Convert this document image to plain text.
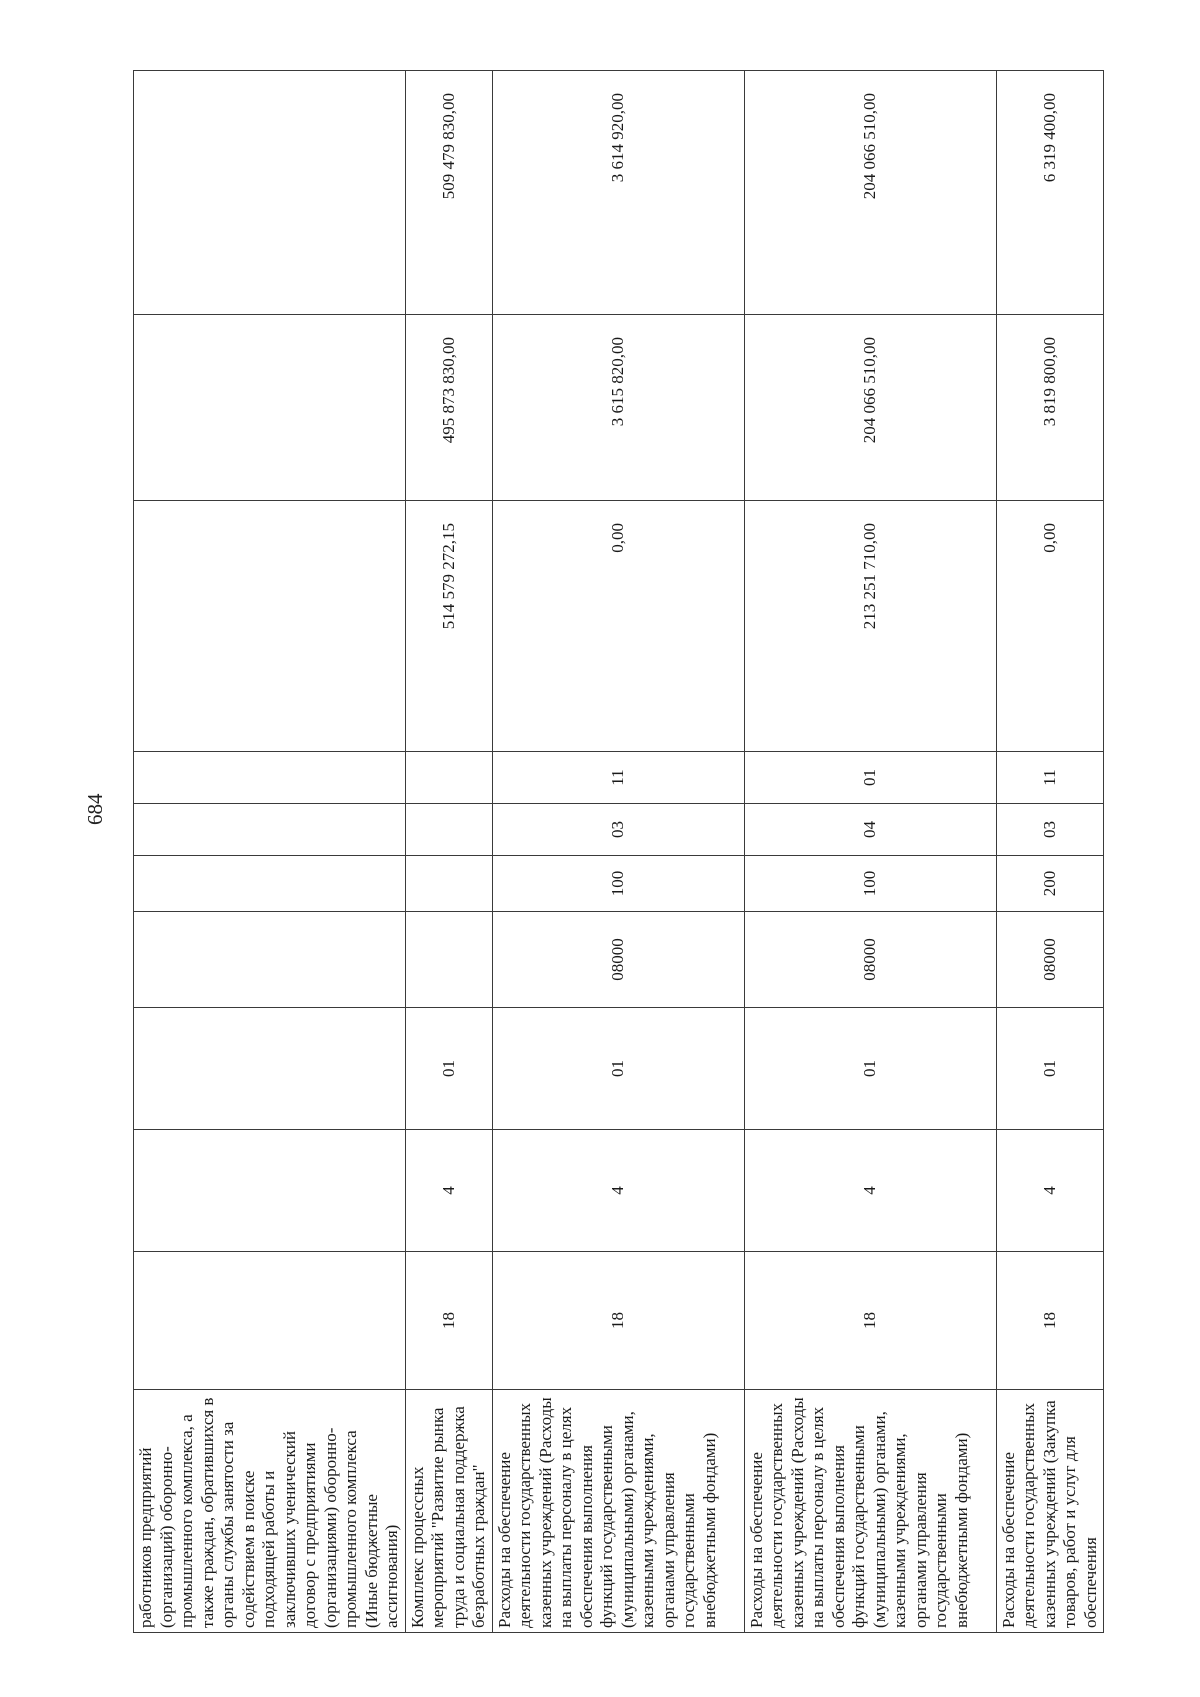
684
работников предприятий (организаций) оборонно-промышленного комплекса, а также граждан, обратившихся в органы службы занятости за содействием в поиске подходящей работы и заключивших ученический договор с предприятиями (организациями) оборонно-промышленного комплекса (Иные бюджетные ассигнования)										
Комплекс процессных мероприятий "Развитие рынка труда и социальная поддержка безработных граждан"	18	4	01					514 579 272,15	495 873 830,00	509 479 830,00
Расходы на обеспечение деятельности государственных казенных учреждений (Расходы на выплаты персоналу в целях обеспечения выполнения функций государственными (муниципальными) органами, казенными учреждениями, органами управления государственными внебюджетными фондами)	18	4	01	08000	100	03	11	0,00	3 615 820,00	3 614 920,00
Расходы на обеспечение деятельности государственных казенных учреждений (Расходы на выплаты персоналу в целях обеспечения выполнения функций государственными (муниципальными) органами, казенными учреждениями, органами управления государственными внебюджетными фондами)	18	4	01	08000	100	04	01	213 251 710,00	204 066 510,00	204 066 510,00
Расходы на обеспечение деятельности государственных казенных учреждений (Закупка товаров, работ и услуг для обеспечения	18	4	01	08000	200	03	11	0,00	3 819 800,00	6 319 400,00
